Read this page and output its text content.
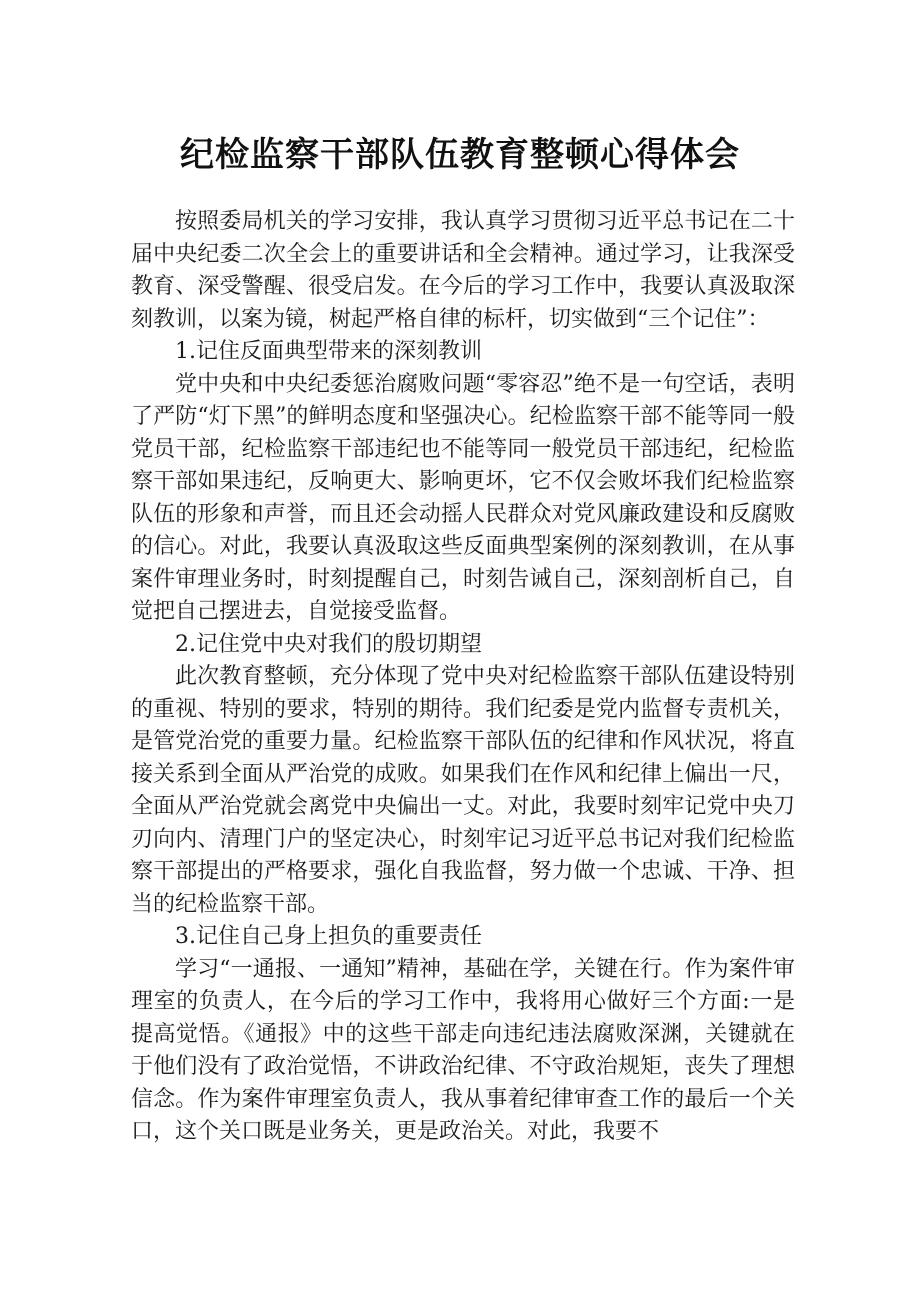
纪检监察干部队伍教育整顿心得体会

按照委局机关的学习安排，我认真学习贯彻习近平总书记在二十届中央纪委二次全会上的重要讲话和全会精神。通过学习，让我深受教育、深受警醒、很受启发。在今后的学习工作中，我要认真汲取深刻教训，以案为镜，树起严格自律的标杆，切实做到“三个记住”：

1.记住反面典型带来的深刻教训

党中央和中央纪委惩治腐败问题“零容忍”绝不是一句空话，表明了严防“灯下黑”的鲜明态度和坚强决心。纪检监察干部不能等同一般党员干部，纪检监察干部违纪也不能等同一般党员干部违纪，纪检监察干部如果违纪，反响更大、影响更坏，它不仅会败坏我们纪检监察队伍的形象和声誉，而且还会动摇人民群众对党风廉政建设和反腐败的信心。对此，我要认真汲取这些反面典型案例的深刻教训，在从事案件审理业务时，时刻提醒自己，时刻告诫自己，深刻剖析自己，自觉把自己摆进去，自觉接受监督。

2.记住党中央对我们的殷切期望

此次教育整顿，充分体现了党中央对纪检监察干部队伍建设特别的重视、特别的要求，特别的期待。我们纪委是党内监督专责机关，是管党治党的重要力量。纪检监察干部队伍的纪律和作风状况，将直接关系到全面从严治党的成败。如果我们在作风和纪律上偏出一尺，全面从严治党就会离党中央偏出一丈。对此，我要时刻牢记党中央刀刃向内、清理门户的坚定决心，时刻牢记习近平总书记对我们纪检监察干部提出的严格要求，强化自我监督，努力做一个忠诚、干净、担当的纪检监察干部。

3.记住自己身上担负的重要责任

学习“一通报、一通知”精神，基础在学，关键在行。作为案件审理室的负责人，在今后的学习工作中，我将用心做好三个方面:一是提高觉悟。《通报》中的这些干部走向违纪违法腐败深渊，关键就在于他们没有了政治觉悟，不讲政治纪律、不守政治规矩，丧失了理想信念。作为案件审理室负责人，我从事着纪律审查工作的最后一个关口，这个关口既是业务关，更是政治关。对此，我要不
